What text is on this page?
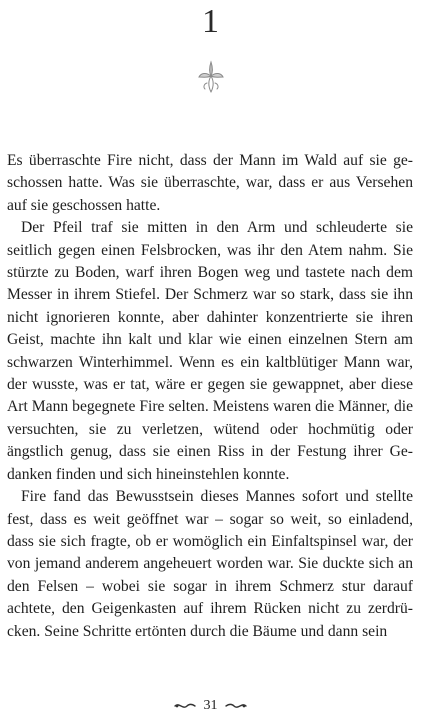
1

Es überraschte Fire nicht, dass der Mann im Wald auf sie geschossen hatte. Was sie überraschte, war, dass er aus Versehen auf sie geschossen hatte.

Der Pfeil traf sie mitten in den Arm und schleuderte sie seitlich gegen einen Felsbrocken, was ihr den Atem nahm. Sie stürzte zu Boden, warf ihren Bogen weg und tastete nach dem Messer in ihrem Stiefel. Der Schmerz war so stark, dass sie ihn nicht ignorieren konnte, aber dahinter konzentrierte sie ihren Geist, machte ihn kalt und klar wie einen einzelnen Stern am schwarzen Winterhimmel. Wenn es ein kaltblütiger Mann war, der wusste, was er tat, wäre er gegen sie gewappnet, aber diese Art Mann begegnete Fire selten. Meistens waren die Männer, die versuchten, sie zu verletzen, wütend oder hochmütig oder ängstlich genug, dass sie einen Riss in der Festung ihrer Gedanken finden und sich hineinstehlen konnte.

Fire fand das Bewusstsein dieses Mannes sofort und stellte fest, dass es weit geöffnet war – sogar so weit, so einladend, dass sie sich fragte, ob er womöglich ein Einfaltspinsel war, der von jemand anderem angeheuert worden war. Sie duckte sich an den Felsen – wobei sie sogar in ihrem Schmerz stur darauf achtete, den Geigenkasten auf ihrem Rücken nicht zu zerdrücken. Seine Schritte ertönten durch die Bäume und dann sein

31
